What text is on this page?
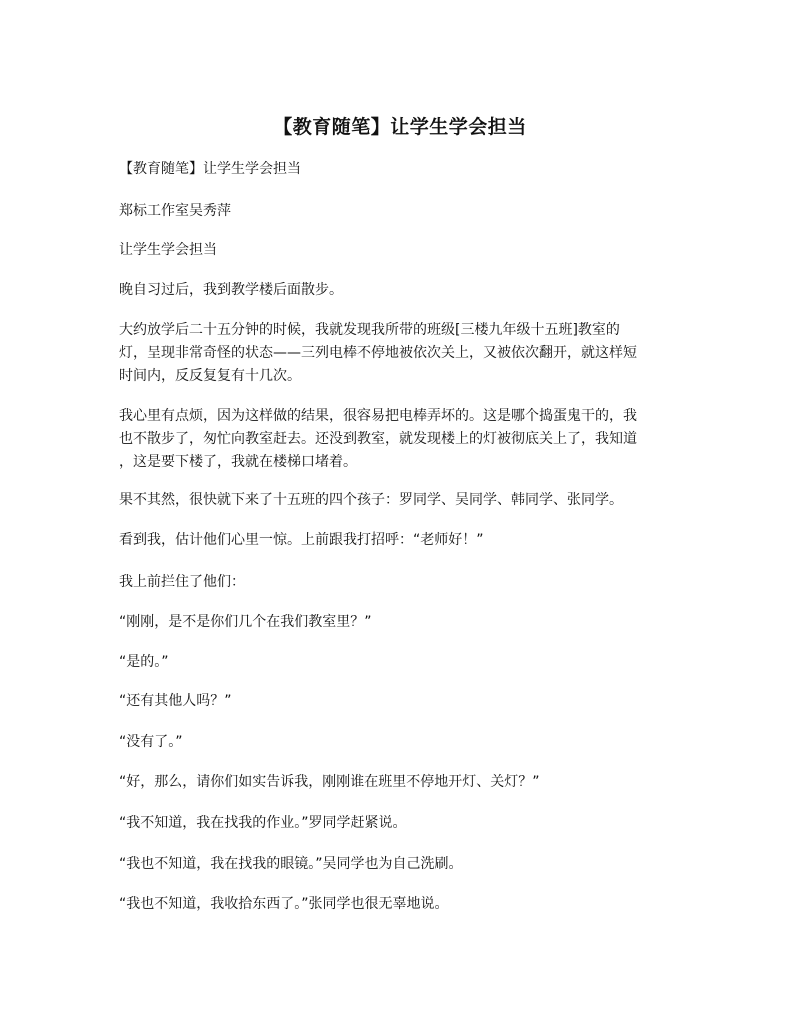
【教育随笔】让学生学会担当

【教育随笔】让学生学会担当

郑标工作室吴秀萍

让学生学会担当

晚自习过后，我到教学楼后面散步。

大约放学后二十五分钟的时候，我就发现我所带的班级[三楼九年级十五班]教室的

灯，呈现非常奇怪的状态——三列电棒不停地被依次关上，又被依次翻开，就这样短

时间内，反反复复有十几次。

我心里有点烦，因为这样做的结果，很容易把电棒弄坏的。这是哪个捣蛋鬼干的，我

也不散步了，匆忙向教室赶去。还没到教室，就发现楼上的灯被彻底关上了，我知道

，这是要下楼了，我就在楼梯口堵着。

果不其然，很快就下来了十五班的四个孩子：罗同学、吴同学、韩同学、张同学。

看到我，估计他们心里一惊。上前跟我打招呼：“老师好！”

我上前拦住了他们：

“刚刚，是不是你们几个在我们教室里？”

“是的。”

“还有其他人吗？”

“没有了。”

“好，那么，请你们如实告诉我，刚刚谁在班里不停地开灯、关灯？”

“我不知道，我在找我的作业。”罗同学赶紧说。

“我也不知道，我在找我的眼镜。”吴同学也为自己洗刷。

“我也不知道，我收拾东西了。”张同学也很无辜地说。
